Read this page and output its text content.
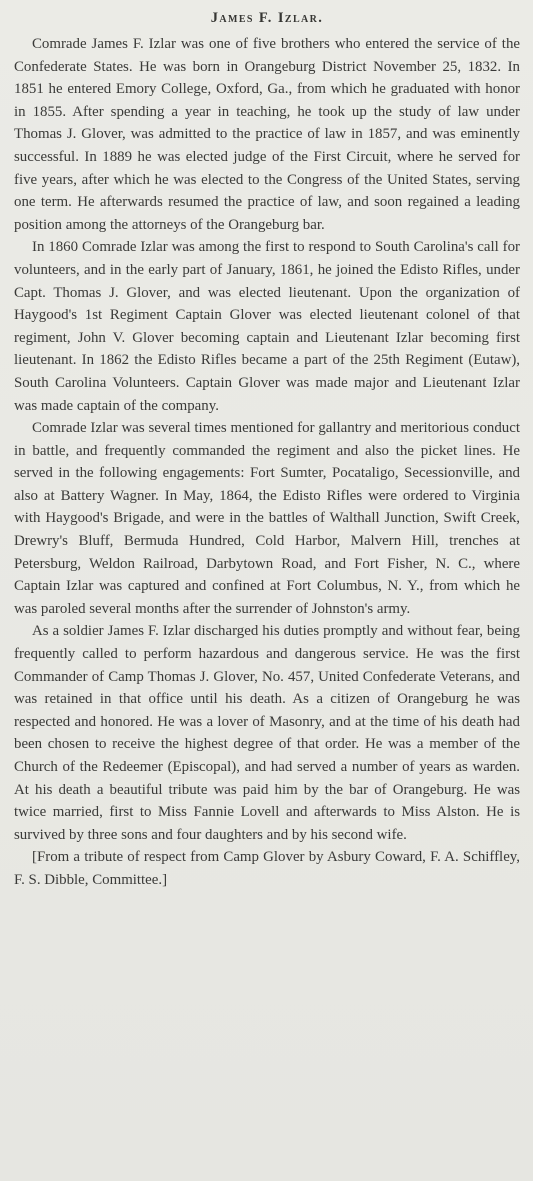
James F. Izlar.

Comrade James F. Izlar was one of five brothers who entered the service of the Confederate States. He was born in Orangeburg District November 25, 1832. In 1851 he entered Emory College, Oxford, Ga., from which he graduated with honor in 1855. After spending a year in teaching, he took up the study of law under Thomas J. Glover, was admitted to the practice of law in 1857, and was eminently successful. In 1889 he was elected judge of the First Circuit, where he served for five years, after which he was elected to the Congress of the United States, serving one term. He afterwards resumed the practice of law, and soon regained a leading position among the attorneys of the Orangeburg bar.

In 1860 Comrade Izlar was among the first to respond to South Carolina's call for volunteers, and in the early part of January, 1861, he joined the Edisto Rifles, under Capt. Thomas J. Glover, and was elected lieutenant. Upon the organization of Haygood's 1st Regiment Captain Glover was elected lieutenant colonel of that regiment, John V. Glover becoming captain and Lieutenant Izlar becoming first lieutenant. In 1862 the Edisto Rifles became a part of the 25th Regiment (Eutaw), South Carolina Volunteers. Captain Glover was made major and Lieutenant Izlar was made captain of the company.

Comrade Izlar was several times mentioned for gallantry and meritorious conduct in battle, and frequently commanded the regiment and also the picket lines. He served in the following engagements: Fort Sumter, Pocataligo, Secessionville, and also at Battery Wagner. In May, 1864, the Edisto Rifles were ordered to Virginia with Haygood's Brigade, and were in the battles of Walthall Junction, Swift Creek, Drewry's Bluff, Bermuda Hundred, Cold Harbor, Malvern Hill, trenches at Petersburg, Weldon Railroad, Darbytown Road, and Fort Fisher, N. C., where Captain Izlar was captured and confined at Fort Columbus, N. Y., from which he was paroled several months after the surrender of Johnston's army.

As a soldier James F. Izlar discharged his duties promptly and without fear, being frequently called to perform hazardous and dangerous service. He was the first Commander of Camp Thomas J. Glover, No. 457, United Confederate Veterans, and was retained in that office until his death. As a citizen of Orangeburg he was respected and honored. He was a lover of Masonry, and at the time of his death had been chosen to receive the highest degree of that order. He was a member of the Church of the Redeemer (Episcopal), and had served a number of years as warden. At his death a beautiful tribute was paid him by the bar of Orangeburg. He was twice married, first to Miss Fannie Lovell and afterwards to Miss Alston. He is survived by three sons and four daughters and by his second wife.

[From a tribute of respect from Camp Glover by Asbury Coward, F. A. Schiffley, F. S. Dibble, Committee.]
